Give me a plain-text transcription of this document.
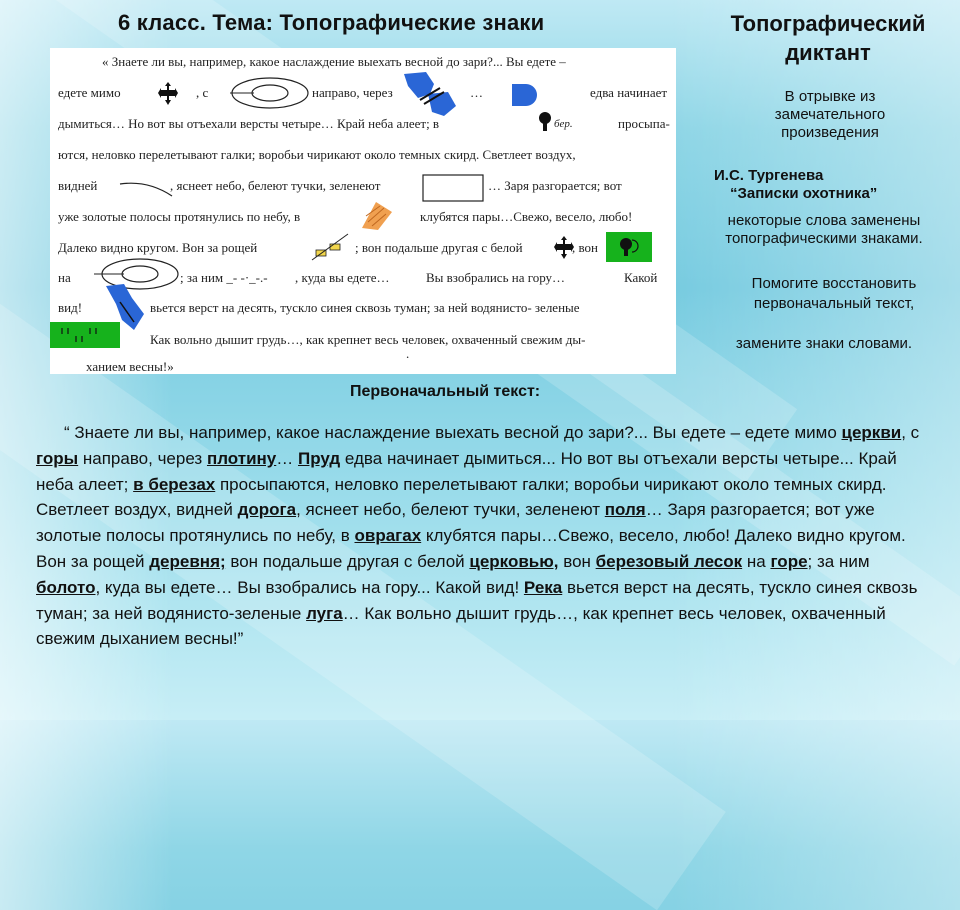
6 класс. Тема: Топографические знаки	Топографический диктант
В отрывке из замечательного произведения
И.С. Тургенева
“Записки охотника”
некоторые слова заменены топографическими знаками.
Помогите восстановить первоначальный текст,
замените знаки словами.
« Знаете ли вы, например, какое наслаждение выехать весной до зари?... Вы едете –
едете мимо	, с	направо, через	…	едва начинает
дымиться… Но вот вы отъехали версты четыре… Край неба алеет; в	бер.	просыпа-
ются, неловко перелетывают галки; воробьи чирикают около темных скирд. Светлеет воздух,
видней	, яснеет небо, белеют тучки, зеленеют	… Заря разгорается; вот
уже золотые полосы протянулись по небу, в	клубятся пары…Свежо, весело, любо!
Далеко видно кругом. Вон за рощей	; вон подальше другая с белой	, вон
на	; за ним _- -·_-.- , куда вы едете…	Вы взобрались на гору…	Какой
вид!	вьется верст на десять, тускло синея сквозь туман; за ней водянисто- зеленые
Как вольно дышит грудь…, как крепнет весь человек, охваченный свежим ды-
ханием весны!»
.
Первоначальный текст:
“ Знаете ли вы, например, какое наслаждение выехать весной до зари?... Вы едете – едете мимо церкви, с горы направо, через плотину… Пруд едва начинает дымиться... Но вот вы отъехали версты четыре... Край неба алеет; в березах просыпаются, неловко перелетывают галки; воробьи чирикают около темных скирд. Светлеет воздух, видней дорога, яснеет небо, белеют тучки, зеленеют поля… Заря разгорается; вот уже золотые полосы протянулись по небу, в оврагах клубятся пары…Свежо, весело, любо! Далеко видно кругом. Вон за рощей деревня; вон подальше другая с белой церковью, вон березовый лесок на горе; за ним болото, куда вы едете… Вы взобрались на гору... Какой вид! Река вьется верст на десять, тускло синея сквозь туман; за ней водянисто-зеленые луга… Как вольно дышит грудь…, как крепнет весь человек, охваченный свежим дыханием весны!”
